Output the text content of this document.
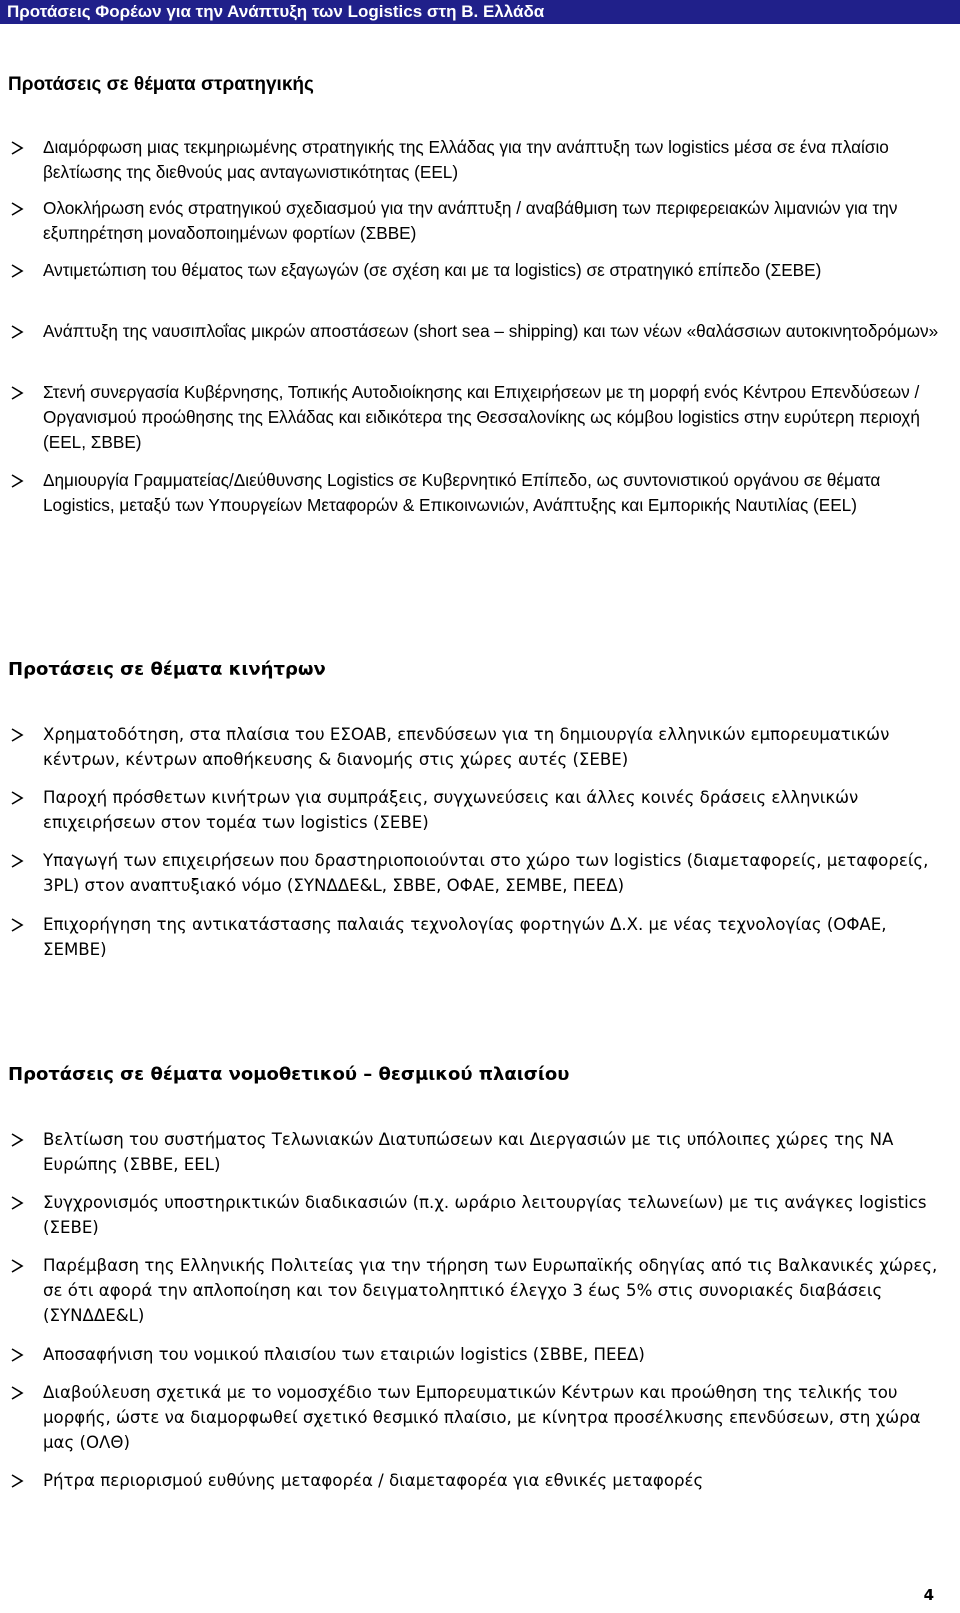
Προτάσεις Φορέων για την Ανάπτυξη των Logistics στη Β. Ελλάδα
Προτάσεις σε θέματα στρατηγικής
Διαμόρφωση μιας τεκμηριωμένης στρατηγικής της Ελλάδας για την ανάπτυξη των logistics μέσα σε ένα πλαίσιο βελτίωσης της διεθνούς μας ανταγωνιστικότητας (EEL)
Ολοκλήρωση ενός στρατηγικού σχεδιασμού για την ανάπτυξη / αναβάθμιση των περιφερειακών λιμανιών για την εξυπηρέτηση μοναδοποιημένων φορτίων (ΣΒΒΕ)
Αντιμετώπιση του θέματος των εξαγωγών (σε σχέση και με τα logistics) σε στρατηγικό επίπεδο (ΣΕΒΕ)
Ανάπτυξη της ναυσιπλοΐας μικρών αποστάσεων (short sea – shipping) και των νέων «θαλάσσιων αυτοκινητοδρόμων»
Στενή συνεργασία Κυβέρνησης, Τοπικής Αυτοδιοίκησης και Επιχειρήσεων με τη μορφή ενός Κέντρου Επενδύσεων / Οργανισμού προώθησης της Ελλάδας και ειδικότερα της Θεσσαλονίκης ως κόμβου logistics στην ευρύτερη περιοχή (EEL, ΣΒΒΕ)
Δημιουργία Γραμματείας/Διεύθυνσης Logistics σε Κυβερνητικό Επίπεδο, ως συντονιστικού οργάνου σε θέματα Logistics, μεταξύ των Υπουργείων Μεταφορών & Επικοινωνιών, Ανάπτυξης και Εμπορικής Ναυτιλίας (EEL)
Προτάσεις σε θέματα κινήτρων
Χρηματοδότηση, στα πλαίσια του ΕΣΟΑΒ, επενδύσεων για τη δημιουργία ελληνικών εμπορευματικών κέντρων, κέντρων αποθήκευσης & διανομής στις χώρες αυτές (ΣΕΒΕ)
Παροχή πρόσθετων κινήτρων για συμπράξεις, συγχωνεύσεις και άλλες κοινές δράσεις ελληνικών επιχειρήσεων στον τομέα των logistics (ΣΕΒΕ)
Υπαγωγή των επιχειρήσεων που δραστηριοποιούνται στο χώρο των logistics (διαμεταφορείς, μεταφορείς, 3PL) στον αναπτυξιακό νόμο (ΣΥΝΔΔΕ&L, ΣΒΒΕ, ΟΦΑΕ, ΣΕΜΒΕ, ΠΕΕΔ)
Επιχορήγηση της αντικατάστασης παλαιάς τεχνολογίας φορτηγών Δ.Χ. με νέας τεχνολογίας (ΟΦΑΕ, ΣΕΜΒΕ)
Προτάσεις σε θέματα νομοθετικού – θεσμικού πλαισίου
Βελτίωση του συστήματος Τελωνιακών Διατυπώσεων και Διεργασιών με τις υπόλοιπες χώρες της ΝΑ Ευρώπης (ΣΒΒΕ, EEL)
Συγχρονισμός υποστηρικτικών διαδικασιών (π.χ. ωράριο λειτουργίας τελωνείων) με τις ανάγκες logistics (ΣΕΒΕ)
Παρέμβαση της Ελληνικής Πολιτείας για την τήρηση των Ευρωπαϊκής οδηγίας από τις Βαλκανικές χώρες, σε ότι αφορά την απλοποίηση και τον δειγματοληπτικό έλεγχο 3 έως 5% στις συνοριακές διαβάσεις (ΣΥΝΔΔΕ&L)
Αποσαφήνιση του νομικού πλαισίου των εταιριών logistics (ΣΒΒΕ, ΠΕΕΔ)
Διαβούλευση σχετικά με το νομοσχέδιο των Εμπορευματικών Κέντρων και προώθηση της τελικής του μορφής, ώστε να διαμορφωθεί σχετικό θεσμικό πλαίσιο, με κίνητρα προσέλκυσης επενδύσεων, στη χώρα μας (ΟΛΘ)
Ρήτρα περιορισμού ευθύνης μεταφορέα / διαμεταφορέα για εθνικές μεταφορές
4
